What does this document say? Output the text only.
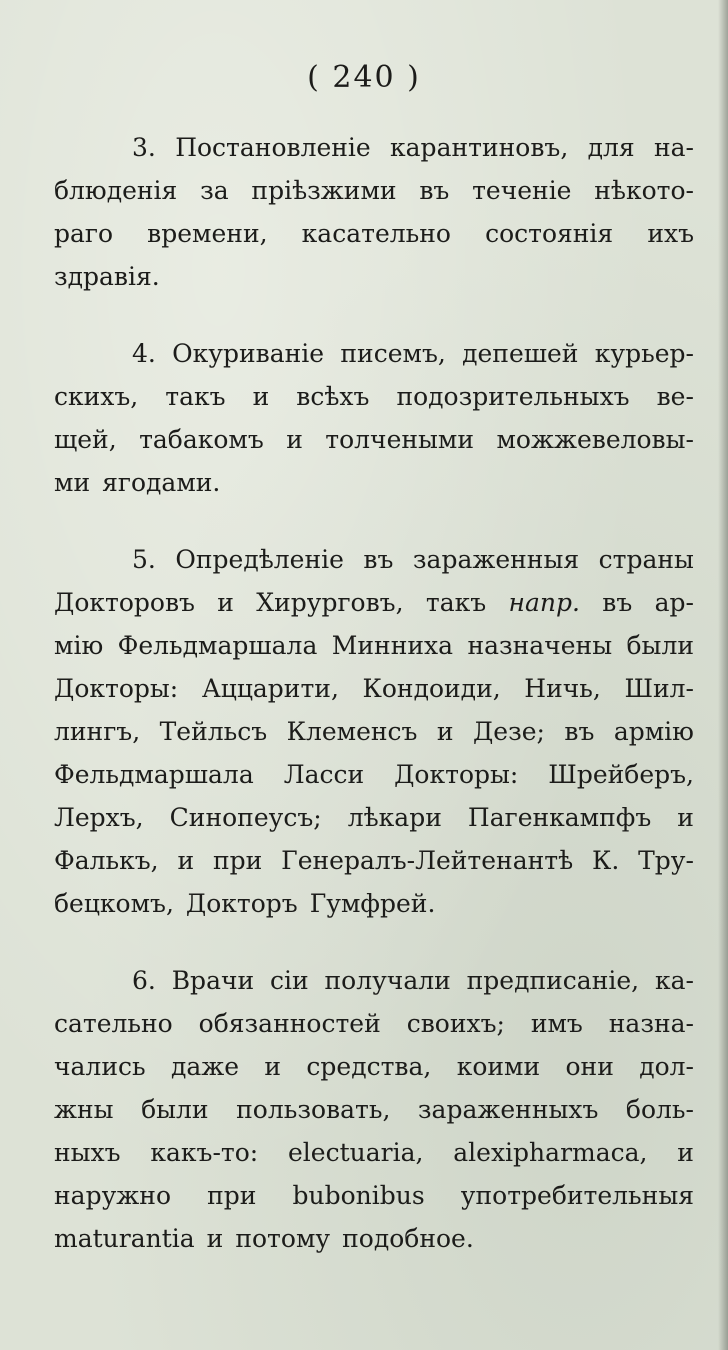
( 240 )
3. Постановленіе карантиновъ, для на-
блюденія за пріѣзжими въ теченіе нѣкото-
раго времени, касательно состоянія ихъ
здравія.
4. Окуриваніе писемъ, депешей курьер-
скихъ, такъ и всѣхъ подозрительныхъ ве-
щей, табакомъ и толчеными можжевеловы-
ми ягодами.
5. Опредѣленіе въ зараженныя страны
Докторовъ и Хирурговъ, такъ напр. въ ар-
мію Фельдмаршала Минниха назначены были
Докторы: Аццарити, Кондоиди, Ничь, Шил-
лингъ, Тейльсъ Клеменсъ и Дезе; въ армію
Фельдмаршала Ласси Докторы: Шрейберъ,
Лерхъ, Синопеусъ; лѣкари Пагенкампфъ и
Фалькъ, и при Генералъ-Лейтенантѣ К. Тру-
бецкомъ, Докторъ Гумфрей.
6. Врачи сіи получали предписаніе, ка-
сательно обязанностей своихъ; имъ назна-
чались даже и средства, коими они дол-
жны были пользовать, зараженныхъ боль-
ныхъ какъ-то: electuaria, alexipharmaca, и
наружно при bubonibus употребительныя
maturantia и потому подобное.
